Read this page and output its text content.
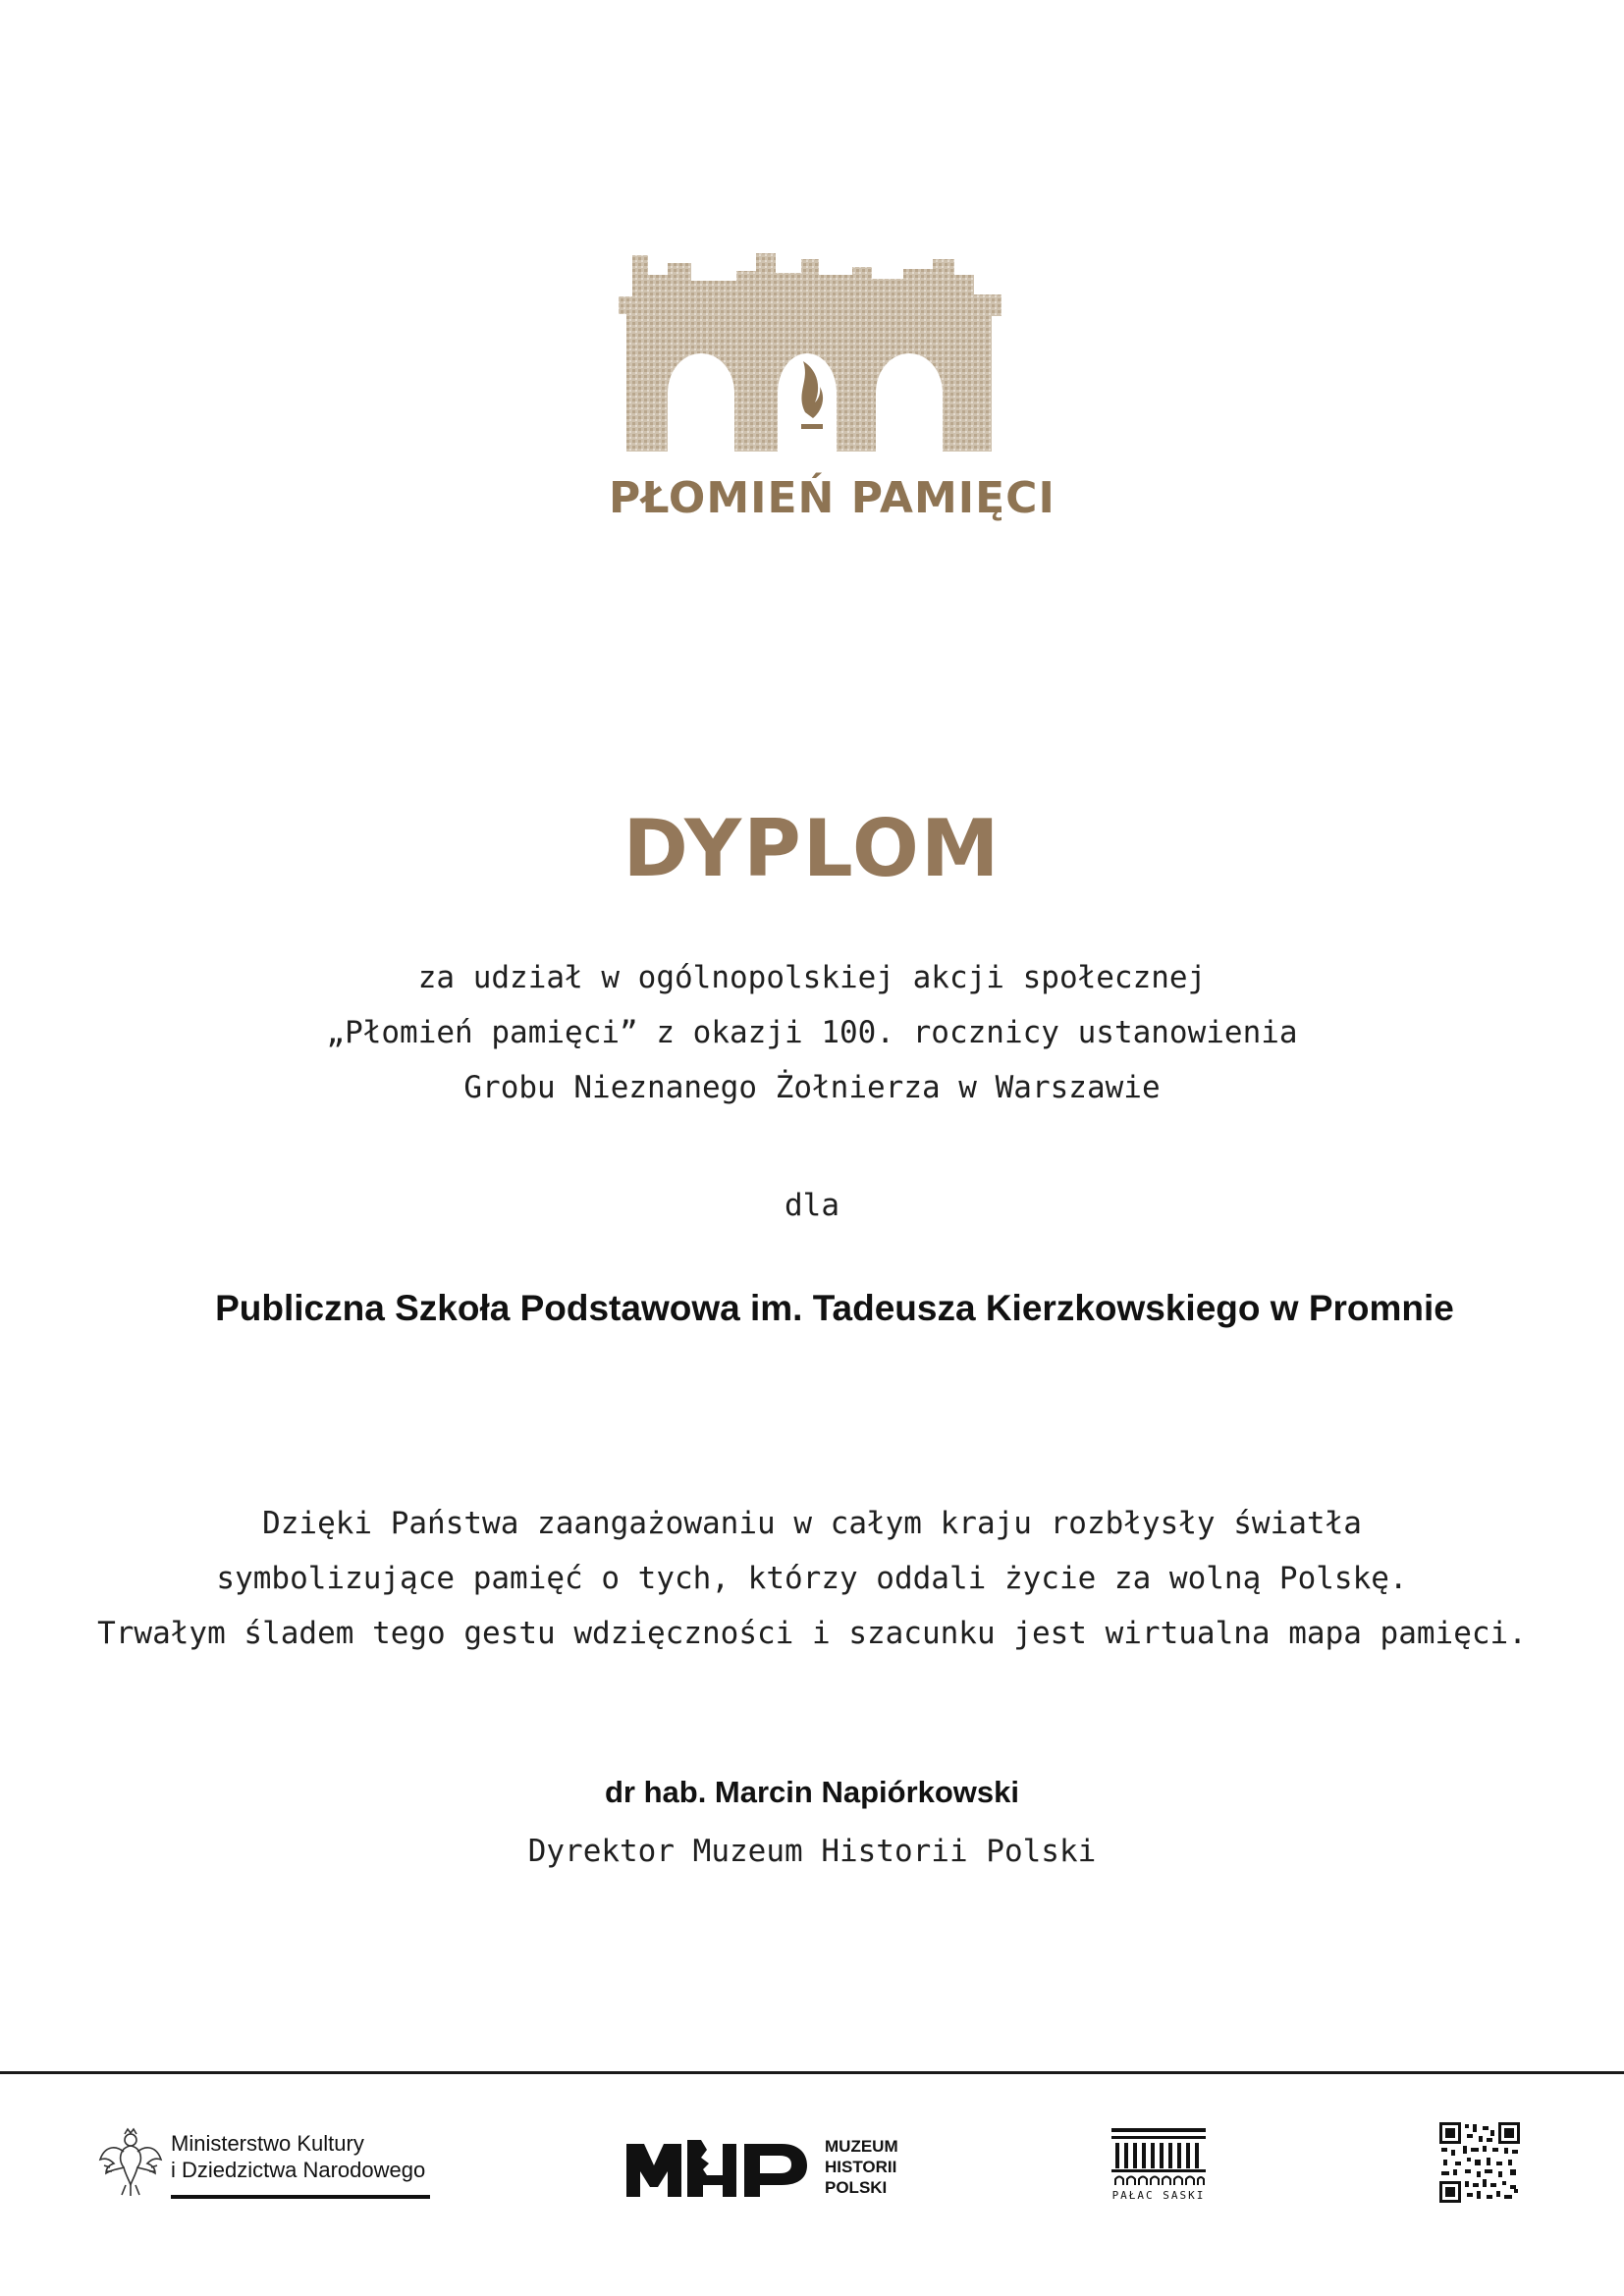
PŁOMIEŃ PAMIĘCI
DYPLOM
za udział w ogólnopolskiej akcji społecznej
„Płomień pamięci” z okazji 100. rocznicy ustanowienia
Grobu Nieznanego Żołnierza w Warszawie
dla
Publiczna Szkoła Podstawowa im. Tadeusza Kierzkowskiego w Promnie
Dzięki Państwa zaangażowaniu w całym kraju rozbłysły światła
symbolizujące pamięć o tych, którzy oddali życie za wolną Polskę.
Trwałym śladem tego gestu wdzięczności i szacunku jest wirtualna mapa pamięci.
dr hab. Marcin Napiórkowski
Dyrektor Muzeum Historii Polski
Ministerstwo Kultury
i Dziedzictwa Narodowego
MUZEUM
HISTORII
POLSKI	PAŁAC SASKI
